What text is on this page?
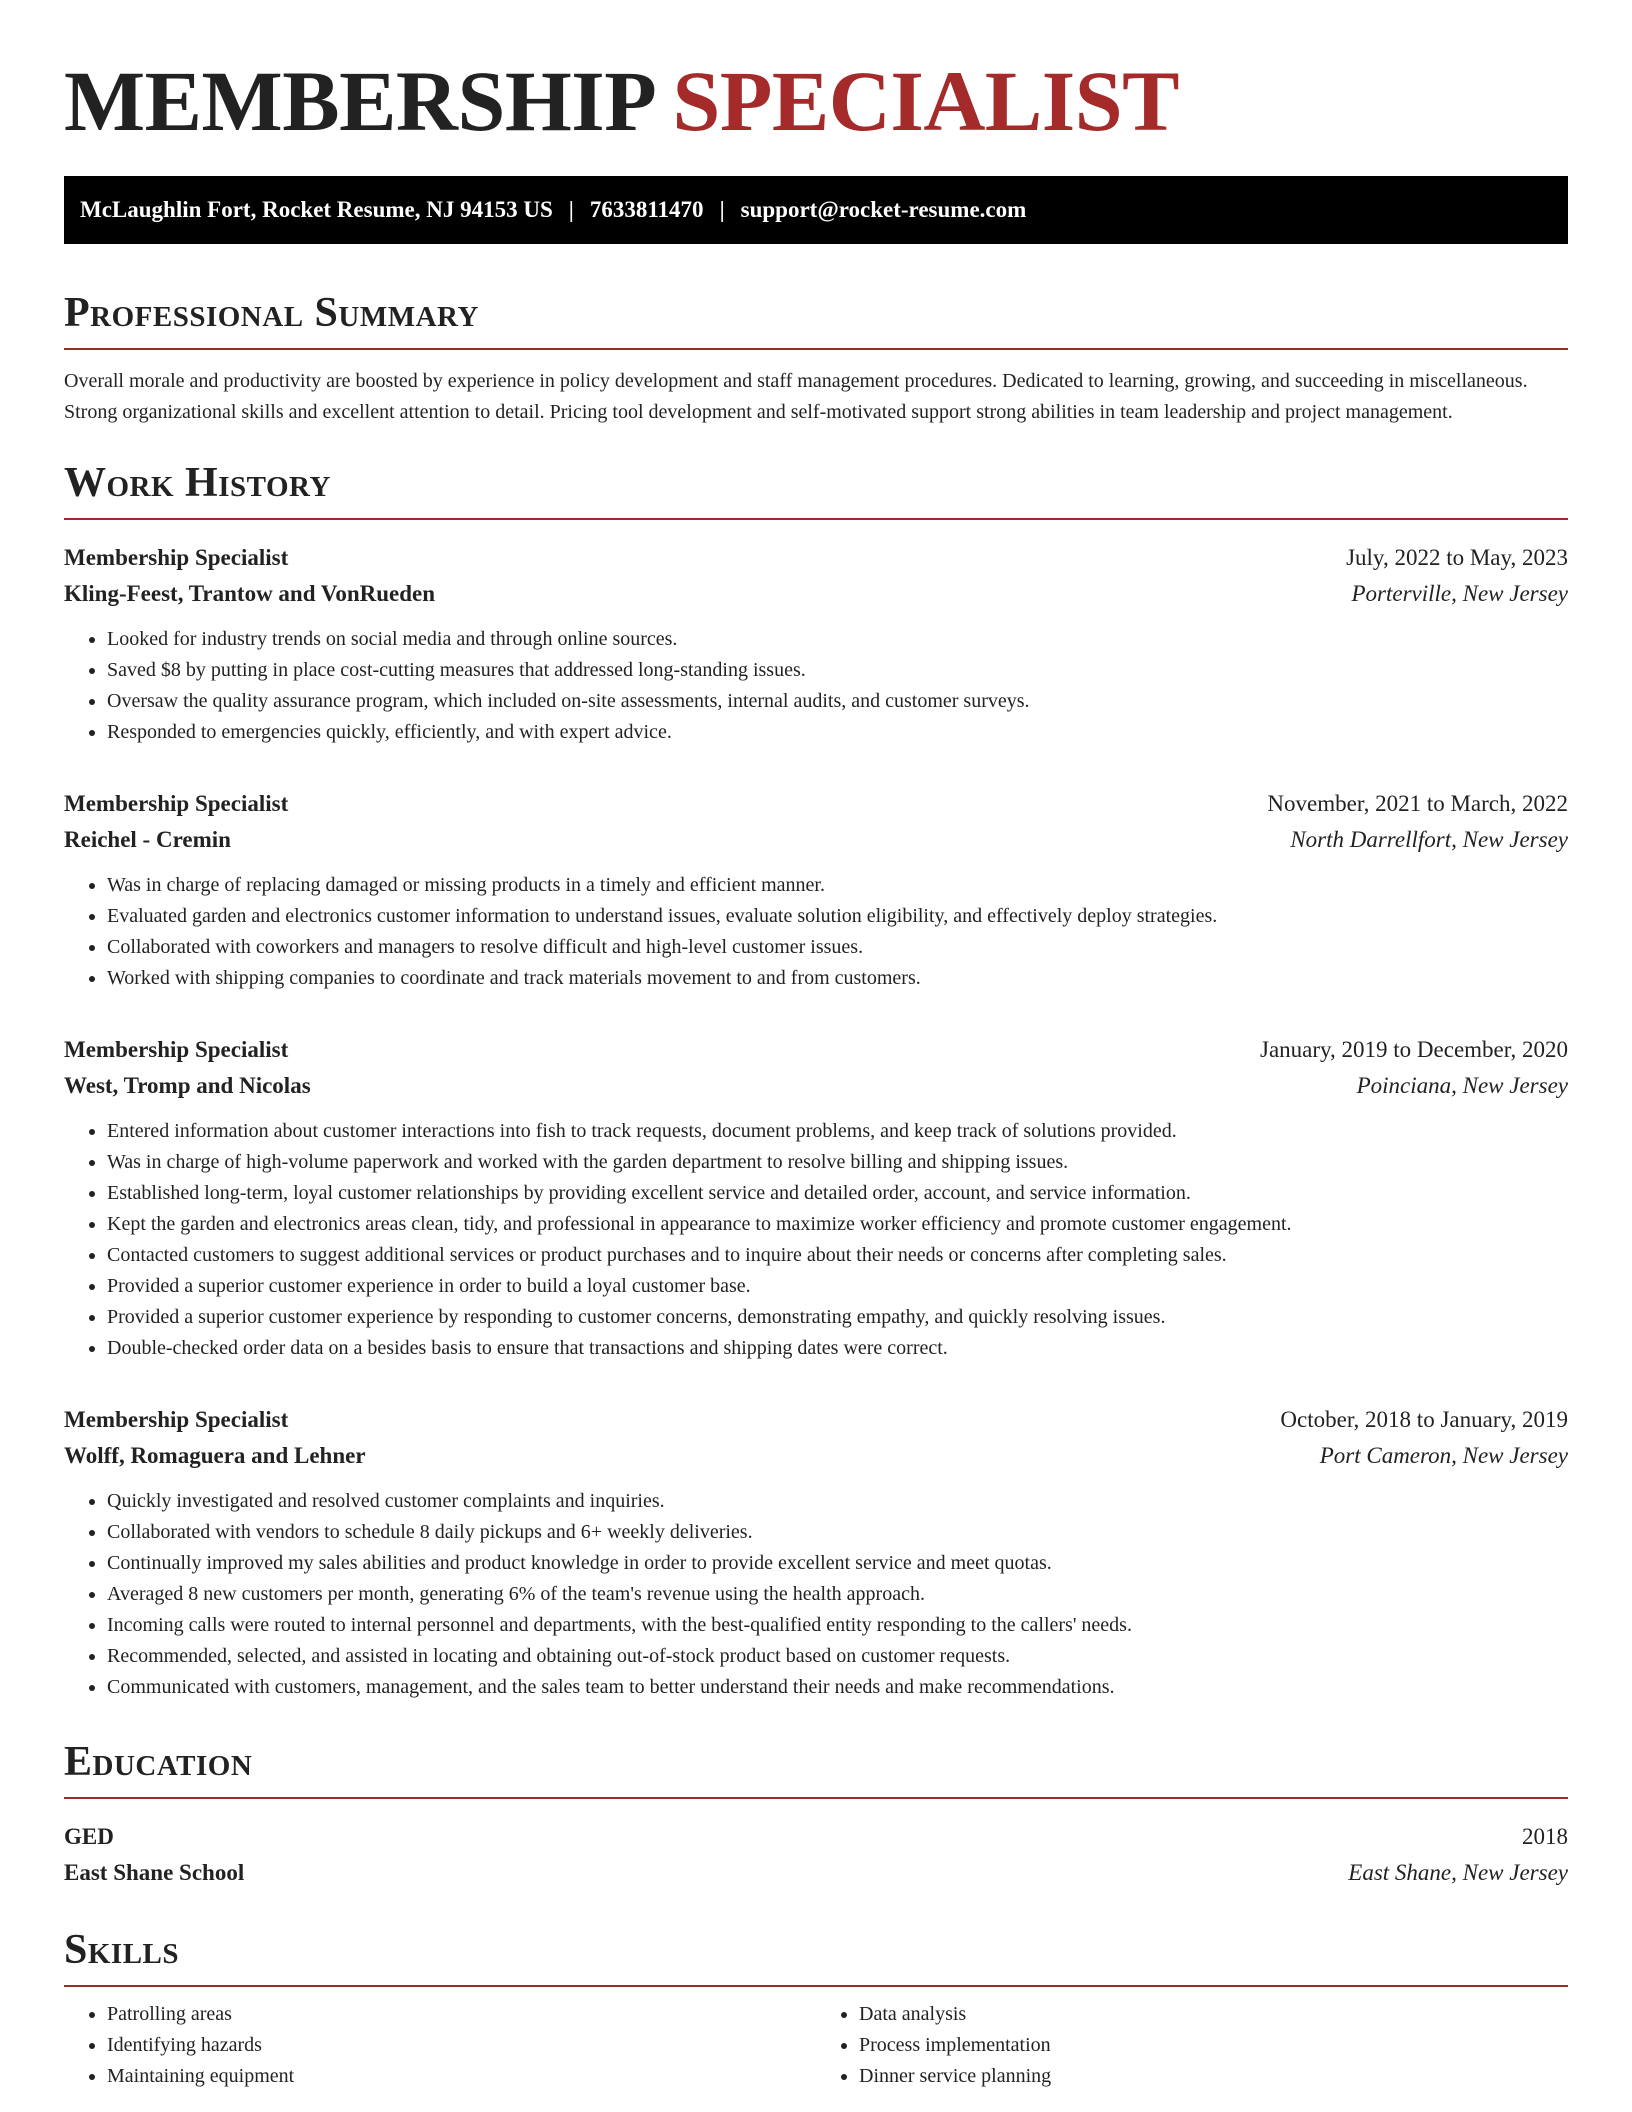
MEMBERSHIP SPECIALIST
McLaughlin Fort, Rocket Resume, NJ 94153 US | 7633811470 | support@rocket-resume.com
Professional Summary

Overall morale and productivity are boosted by experience in policy development and staff management procedures. Dedicated to learning, growing, and succeeding in miscellaneous. Strong organizational skills and excellent attention to detail. Pricing tool development and self-motivated support strong abilities in team leadership and project management.

Work History
Membership Specialist	July, 2022 to May, 2023
Kling-Feest, Trantow and VonRueden	Porterville, New Jersey
• Looked for industry trends on social media and through online sources.
• Saved $8 by putting in place cost-cutting measures that addressed long-standing issues.
• Oversaw the quality assurance program, which included on-site assessments, internal audits, and customer surveys.
• Responded to emergencies quickly, efficiently, and with expert advice.
Membership Specialist	November, 2021 to March, 2022
Reichel - Cremin	North Darrellfort, New Jersey
• Was in charge of replacing damaged or missing products in a timely and efficient manner.
• Evaluated garden and electronics customer information to understand issues, evaluate solution eligibility, and effectively deploy strategies.
• Collaborated with coworkers and managers to resolve difficult and high-level customer issues.
• Worked with shipping companies to coordinate and track materials movement to and from customers.
Membership Specialist	January, 2019 to December, 2020
West, Tromp and Nicolas	Poinciana, New Jersey
• Entered information about customer interactions into fish to track requests, document problems, and keep track of solutions provided.
• Was in charge of high-volume paperwork and worked with the garden department to resolve billing and shipping issues.
• Established long-term, loyal customer relationships by providing excellent service and detailed order, account, and service information.
• Kept the garden and electronics areas clean, tidy, and professional in appearance to maximize worker efficiency and promote customer engagement.
• Contacted customers to suggest additional services or product purchases and to inquire about their needs or concerns after completing sales.
• Provided a superior customer experience in order to build a loyal customer base.
• Provided a superior customer experience by responding to customer concerns, demonstrating empathy, and quickly resolving issues.
• Double-checked order data on a besides basis to ensure that transactions and shipping dates were correct.
Membership Specialist	October, 2018 to January, 2019
Wolff, Romaguera and Lehner	Port Cameron, New Jersey
• Quickly investigated and resolved customer complaints and inquiries.
• Collaborated with vendors to schedule 8 daily pickups and 6+ weekly deliveries.
• Continually improved my sales abilities and product knowledge in order to provide excellent service and meet quotas.
• Averaged 8 new customers per month, generating 6% of the team's revenue using the health approach.
• Incoming calls were routed to internal personnel and departments, with the best-qualified entity responding to the callers' needs.
• Recommended, selected, and assisted in locating and obtaining out-of-stock product based on customer requests.
• Communicated with customers, management, and the sales team to better understand their needs and make recommendations.
Education
GED	2018
East Shane School	East Shane, New Jersey
Skills
• Patrolling areas
• Identifying hazards
• Maintaining equipment
• Data analysis
• Process implementation
• Dinner service planning
